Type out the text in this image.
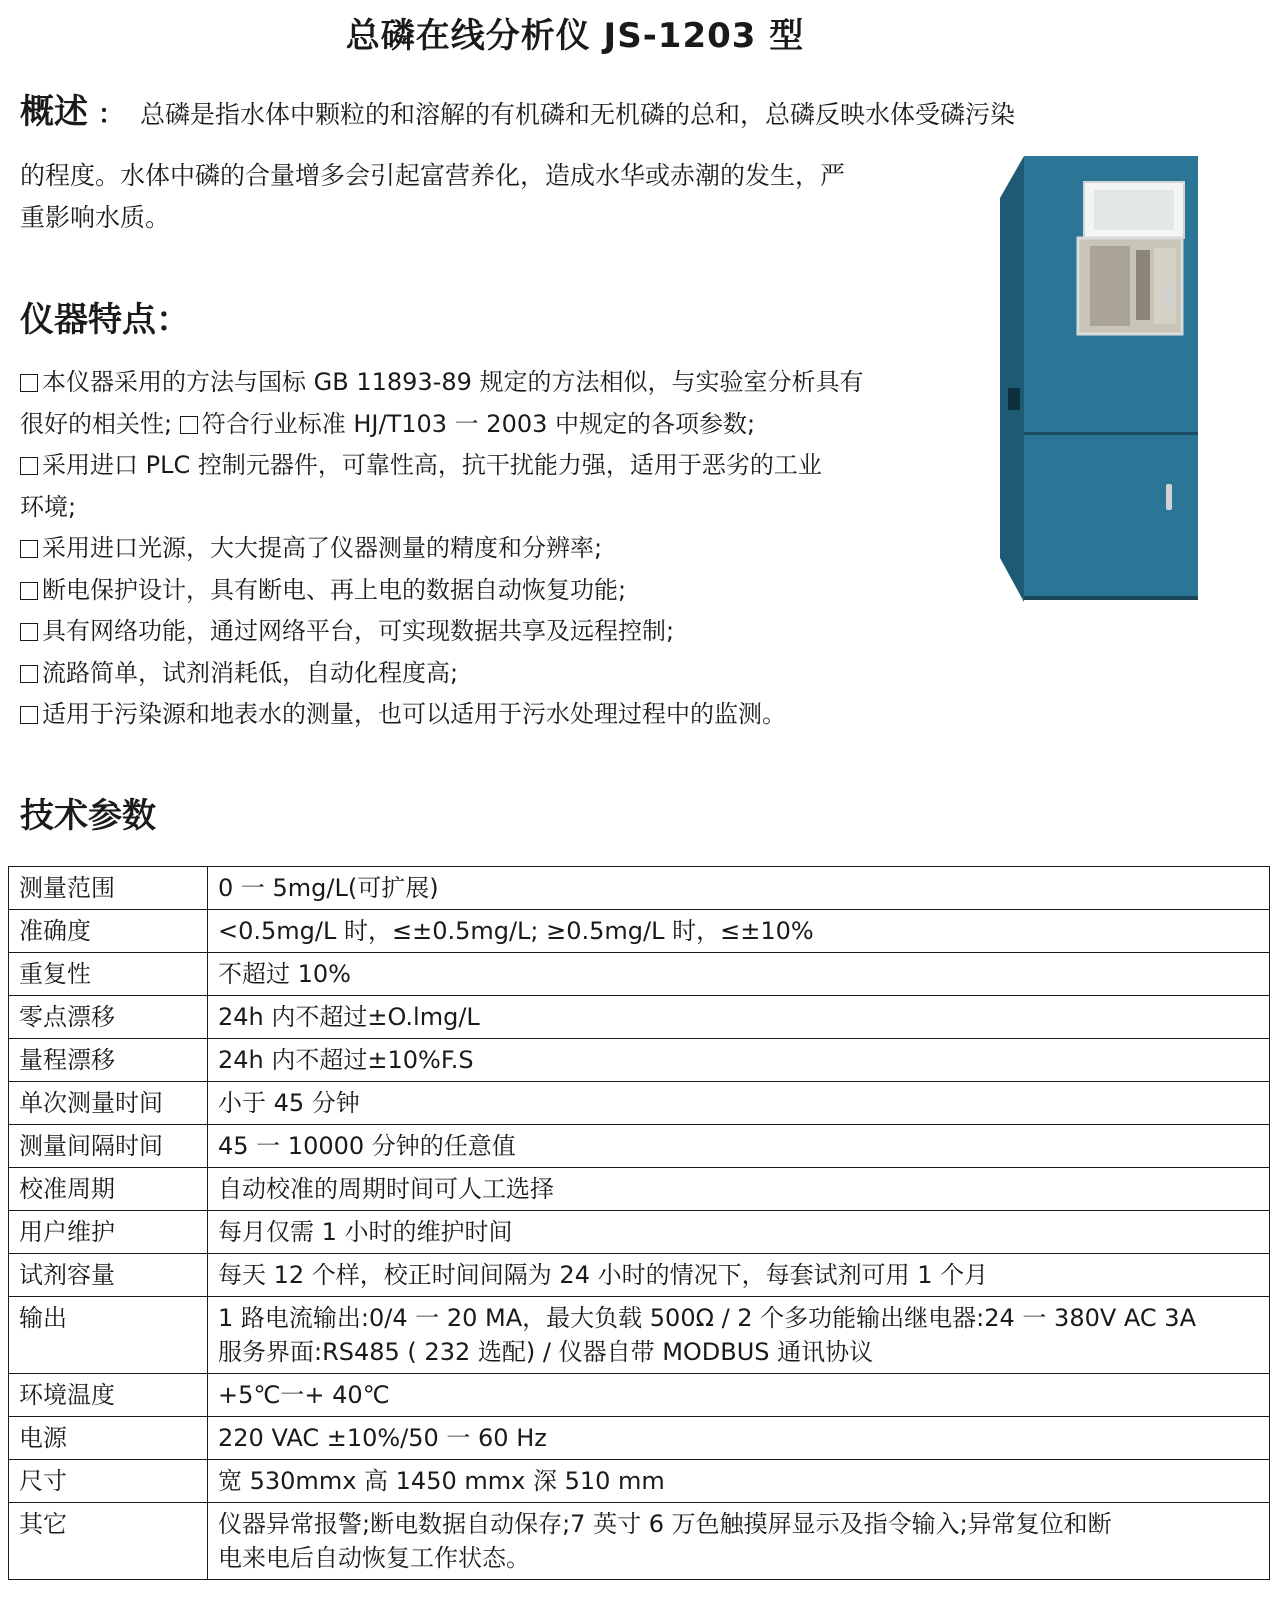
总磷在线分析仪 JS-1203 型
概述 ： 总磷是指水体中颗粒的和溶解的有机磷和无机磷的总和，总磷反映水体受磷污染
的程度。水体中磷的合量增多会引起富营养化，造成水华或赤潮的发生，严
重影响水质。
仪器特点：

本仪器采用的方法与国标 GB 11893-89 规定的方法相似，与实验室分析具有

很好的相关性; 符合行业标准 HJ/T103 一 2003 中规定的各项参数;

采用进口 PLC 控制元器件，可靠性高，抗干扰能力强，适用于恶劣的工业

环境;

采用进口光源，大大提高了仪器测量的精度和分辨率;

断电保护设计，具有断电、再上电的数据自动恢复功能;

具有网络功能，通过网络平台，可实现数据共享及远程控制;

流路简单，试剂消耗低，自动化程度高;

适用于污染源和地表水的测量，也可以适用于污水处理过程中的监测。

技术参数
测量范围	0 一 5mg/L(可扩展)
准确度	<0.5mg/L 时，≤±0.5mg/L; ≥0.5mg/L 时，≤±10%
重复性	不超过 10%
零点漂移	24h 内不超过±O.lmg/L
量程漂移	24h 内不超过±10%F.S
单次测量时间	小于 45 分钟
测量间隔时间	45 一 10000 分钟的任意值
校准周期	自动校准的周期时间可人工选择
用户维护	每月仅需 1 小时的维护时间
试剂容量	每天 12 个样，校正时间间隔为 24 小时的情况下，每套试剂可用 1 个月
输出	1 路电流输出:0/4 一 20 MA，最大负载 500Ω / 2 个多功能输出继电器:24 一 380V AC 3A
服务界面:RS485 ( 232 选配) / 仪器自带 MODBUS 通讯协议

环境温度	+5℃一+ 40℃
电源	220 VAC ±10%/50 一 60 Hz
尺寸	宽 530mmx 高 1450 mmx 深 510 mm
其它	仪器异常报警;断电数据自动保存;7 英寸 6 万色触摸屏显示及指令输入;异常复位和断
电来电后自动恢复工作状态。
